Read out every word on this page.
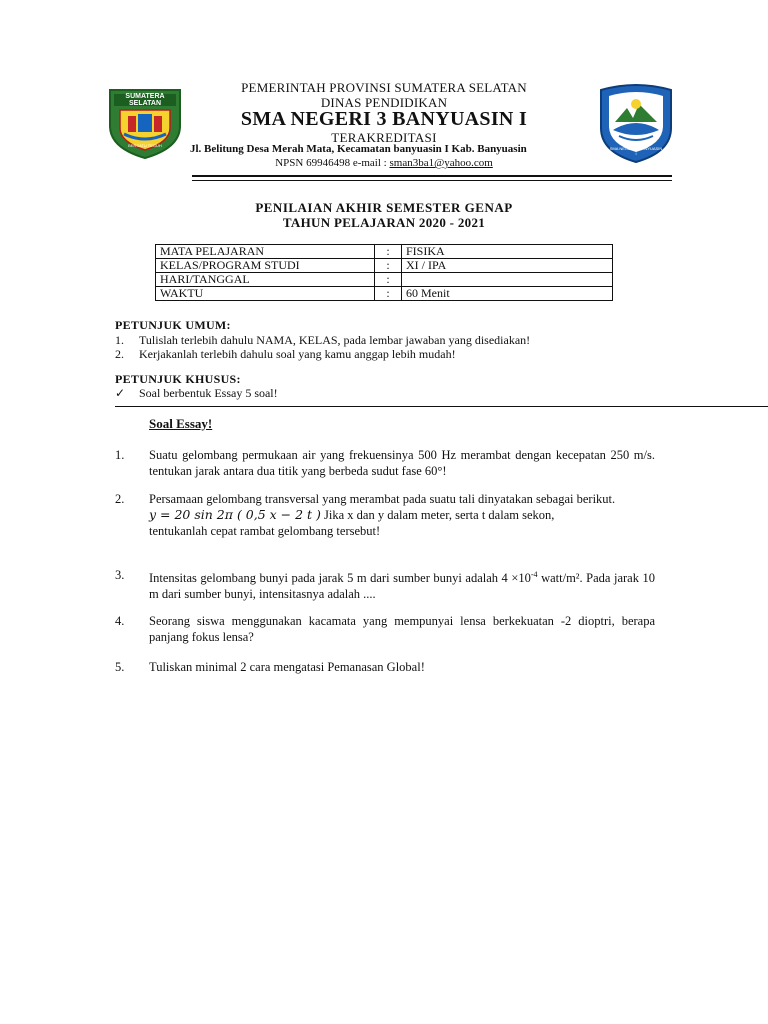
SUMATERA SELATAN
BERSATU TEGUH
SMA NEGERI 3 BANYUASIN I
PEMERINTAH PROVINSI SUMATERA SELATAN
DINAS PENDIDIKAN
SMA NEGERI 3 BANYUASIN I
TERAKREDITASI
Jl. Belitung Desa Merah Mata, Kecamatan banyuasin I Kab. Banyuasin
NPSN 69946498 e-mail : sman3ba1@yahoo.com
PENILAIAN AKHIR SEMESTER GENAP
TAHUN PELAJARAN 2020 - 2021
MATA PELAJARAN	:	FISIKA
KELAS/PROGRAM STUDI	:	XI / IPA
HARI/TANGGAL	:	
WAKTU	:	60 Menit
PETUNJUK UMUM:
1. Tulislah terlebih dahulu NAMA, KELAS, pada lembar jawaban yang disediakan!
2. Kerjakanlah terlebih dahulu soal yang kamu anggap lebih mudah!
PETUNJUK KHUSUS:
✓ Soal berbentuk Essay 5 soal!
Soal Essay!
1. Suatu gelombang permukaan air yang frekuensinya 500 Hz merambat dengan kecepatan 250 m/s. tentukan jarak antara dua titik yang berbeda sudut fase 60°!
2. Persamaan gelombang transversal yang merambat pada suatu tali dinyatakan sebagai berikut.
y = 20 sin 2π ( 0,5 x − 2 t ) Jika x dan y dalam meter, serta t dalam sekon,
tentukanlah cepat rambat gelombang tersebut!
3. Intensitas gelombang bunyi pada jarak 5 m dari sumber bunyi adalah $4 \times 10^{-4}$ watt/m². Pada jarak 10 m dari sumber bunyi, intensitasnya adalah ....
4. Seorang siswa menggunakan kacamata yang mempunyai lensa berkekuatan -2 dioptri, berapa panjang fokus lensa?
5. Tuliskan minimal 2 cara mengatasi Pemanasan Global!
